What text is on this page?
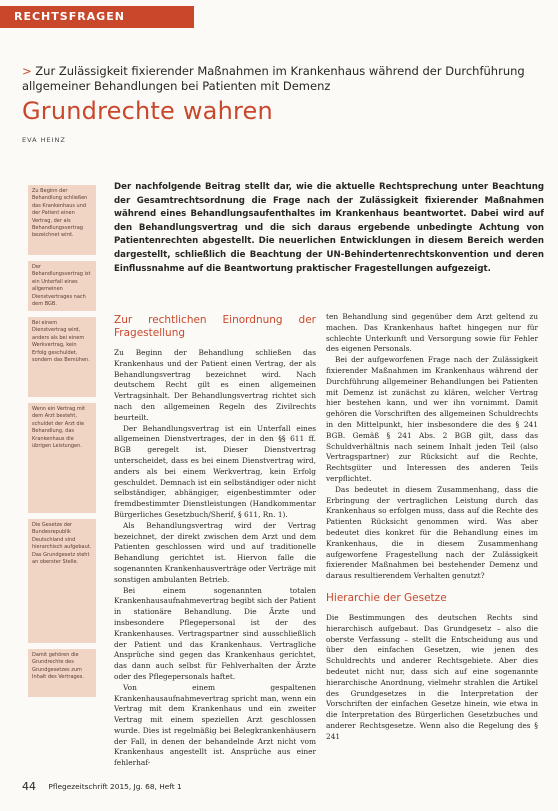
RECHTSFRAGEN
> Zur Zulässigkeit fixierender Maßnahmen im Krankenhaus während der Durchführung allgemeiner Behandlungen bei Patienten mit Demenz
Grundrechte wahren
EVA HEINZ
Zu Beginn der Behandlung schließen das Krankenhaus und der Patient einen Vertrag, der als Behandlungsvertrag bezeichnet wird.
Der Behandlungsvertrag ist ein Unterfall eines allgemeinen Dienstvertrages nach dem BGB.
Bei einem Dienstvertrag wird, anders als bei einem Werkvertrag, kein Erfolg geschuldet, sondern das Bemühen.
Wenn ein Vertrag mit dem Arzt besteht, schuldet der Arzt die Behandlung, das Krankenhaus die übrigen Leistungen.
Die Gesetze der Bundesrepublik Deutschland sind hierarchisch aufgebaut. Das Grundgesetz steht an oberster Stelle.
Damit gehören die Grundrechte des Grundgesetzes zum Inhalt des Vertrages.
Der nachfolgende Beitrag stellt dar, wie die aktuelle Rechtsprechung unter Beachtung der Gesamtrechtsordnung die Frage nach der Zulässigkeit fixierender Maßnahmen während eines Behandlungsaufenthaltes im Krankenhaus beantwortet. Dabei wird auf den Behandlungsvertrag und die sich daraus ergebende unbedingte Achtung von Patientenrechten abgestellt. Die neuerlichen Entwicklungen in diesem Bereich werden dargestellt, schließlich die Beachtung der UN-Behindertenrechtskonvention und deren Einflussnahme auf die Beantwortung praktischer Fragestellungen aufgezeigt.
Zur rechtlichen Einordnung der Fragestellung

Zu Beginn der Behandlung schließen das Krankenhaus und der Patient einen Vertrag, der als Behandlungsvertrag bezeichnet wird. Nach deutschem Recht gilt es einen allgemeinen Vertragsinhalt. Der Behandlungsvertrag richtet sich nach den allgemeinen Regeln des Zivilrechts beurteilt.

Der Behandlungsvertrag ist ein Unterfall eines allgemeinen Dienstvertrages, der in den §§ 611 ff. BGB geregelt ist. Dieser Dienstvertrag unterscheidet, dass es bei einem Dienstvertrag wird, anders als bei einem Werkvertrag, kein Erfolg geschuldet. Demnach ist ein selbständiger oder nicht selbständiger, abhängiger, eigenbestimmter oder fremdbestimmter Dienstleistungen (Handkommentar Bürgerliches Gesetzbuch/Sherif, § 611, Rn. 1).

Als Behandlungsvertrag wird der Vertrag bezeichnet, der direkt zwischen dem Arzt und dem Patienten geschlossen wird und auf traditionelle Behandlung gerichtet ist. Hiervon falle die sogenannten Krankenhausverträge oder Verträge mit sonstigen ambulanten Betrieb.

Bei einem sogenannten totalen Krankenhausaufnahmevertrag begibt sich der Patient in stationäre Behandlung. Die Ärzte und insbesondere Pflegepersonal ist der des Krankenhauses. Vertragspartner sind ausschließlich der Patient und das Krankenhaus. Vertragliche Ansprüche sind gegen das Krankenhaus gerichtet, das dann auch selbst für Fehlverhalten der Ärzte oder des Pflegepersonals haftet.

Von einem gespaltenen Krankenhausaufnahmevertrag spricht man, wenn ein Vertrag mit dem Krankenhaus und ein zweiter Vertrag mit einem speziellen Arzt geschlossen wurde. Dies ist regelmäßig bei Belegkrankenhäusern der Fall, in denen der behandelnde Arzt nicht vom Krankenhaus angestellt ist. Ansprüche aus einer fehlerhaf-

ten Behandlung sind gegenüber dem Arzt geltend zu machen. Das Krankenhaus haftet hingegen nur für schlechte Unterkunft und Versorgung sowie für Fehler des eigenen Personals.

Bei der aufgeworfenen Frage nach der Zulässigkeit fixierender Maßnahmen im Krankenhaus während der Durchführung allgemeiner Behandlungen bei Patienten mit Demenz ist zunächst zu klären, welcher Vertrag hier bestehen kann, und wer ihn vornimmt. Damit gehören die Vorschriften des allgemeinen Schuldrechts in den Mittelpunkt, hier insbesondere die des § 241 BGB. Gemäß § 241 Abs. 2 BGB gilt, dass das Schuldverhältnis nach seinem Inhalt jeden Teil (also Vertragspartner) zur Rücksicht auf die Rechte, Rechtsgüter und Interessen des anderen Teils verpflichtet.

Das bedeutet in diesem Zusammenhang, dass die Erbringung der vertraglichen Leistung durch das Krankenhaus so erfolgen muss, dass auf die Rechte des Patienten Rücksicht genommen wird. Was aber bedeutet dies konkret für die Behandlung eines im Krankenhaus, die in diesem Zusammenhang aufgeworfene Fragestellung nach der Zulässigkeit fixierender Maßnahmen bei bestehender Demenz und daraus resultierendem Verhalten genutzt?

Hierarchie der Gesetze

Die Bestimmungen des deutschen Rechts sind hierarchisch aufgebaut. Das Grundgesetz – also die oberste Verfassung – stellt die Entscheidung aus und über den einfachen Gesetzen, wie jenen des Schuldrechts und anderer Rechtsgebiete. Aber dies bedeutet nicht nur, dass sich auf eine sogenannte hierarchische Anordnung, vielmehr strahlen die Artikel des Grundgesetzes in die Interpretation der Vorschriften der einfachen Gesetze hinein, wie etwa in die Interpretation des Bürgerlichen Gesetzbuches und anderer Rechtsgesetze. Wenn also die Regelung des § 241

44 Pflegezeitschrift 2015, Jg. 68, Heft 1
